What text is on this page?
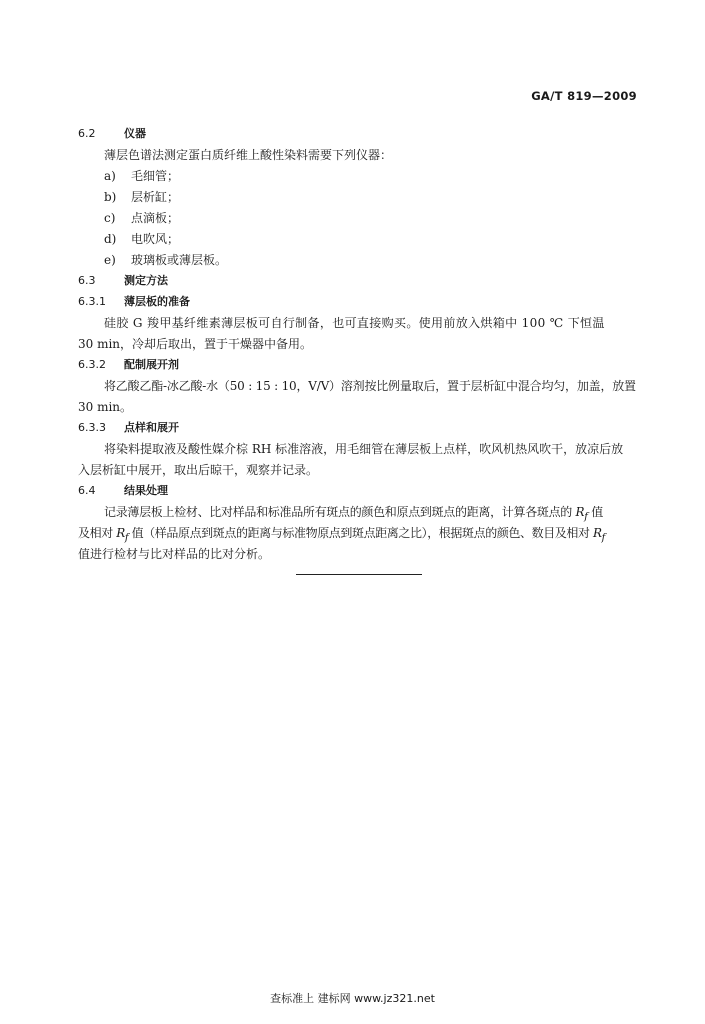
GA/T 819—2009
6.2	仪器
薄层色谱法测定蛋白质纤维上酸性染料需要下列仪器：
a) 毛细管；
b) 层析缸；
c) 点滴板；
d) 电吹风；
e) 玻璃板或薄层板。
6.3	测定方法
6.3.1 薄层板的准备
硅胶 G 羧甲基纤维素薄层板可自行制备，也可直接购买。使用前放入烘箱中 100 ℃ 下恒温
30 min，冷却后取出，置于干燥器中备用。
6.3.2 配制展开剂
将乙酸乙酯-冰乙酸-水（50 : 15 : 10，V/V）溶剂按比例量取后，置于层析缸中混合均匀，加盖，放置
30 min。
6.3.3 点样和展开
将染料提取液及酸性媒介棕 RH 标准溶液，用毛细管在薄层板上点样，吹风机热风吹干，放凉后放
入层析缸中展开，取出后晾干，观察并记录。
6.4	结果处理
记录薄层板上检材、比对样品和标准品所有斑点的颜色和原点到斑点的距离，计算各斑点的 $R_f$ 值
及相对 $R_f$ 值（样品原点到斑点的距离与标准物原点到斑点距离之比），根据斑点的颜色、数目及相对 $R_f$
值进行检材与比对样品的比对分析。
查标准上 建标网 www.jz321.net
